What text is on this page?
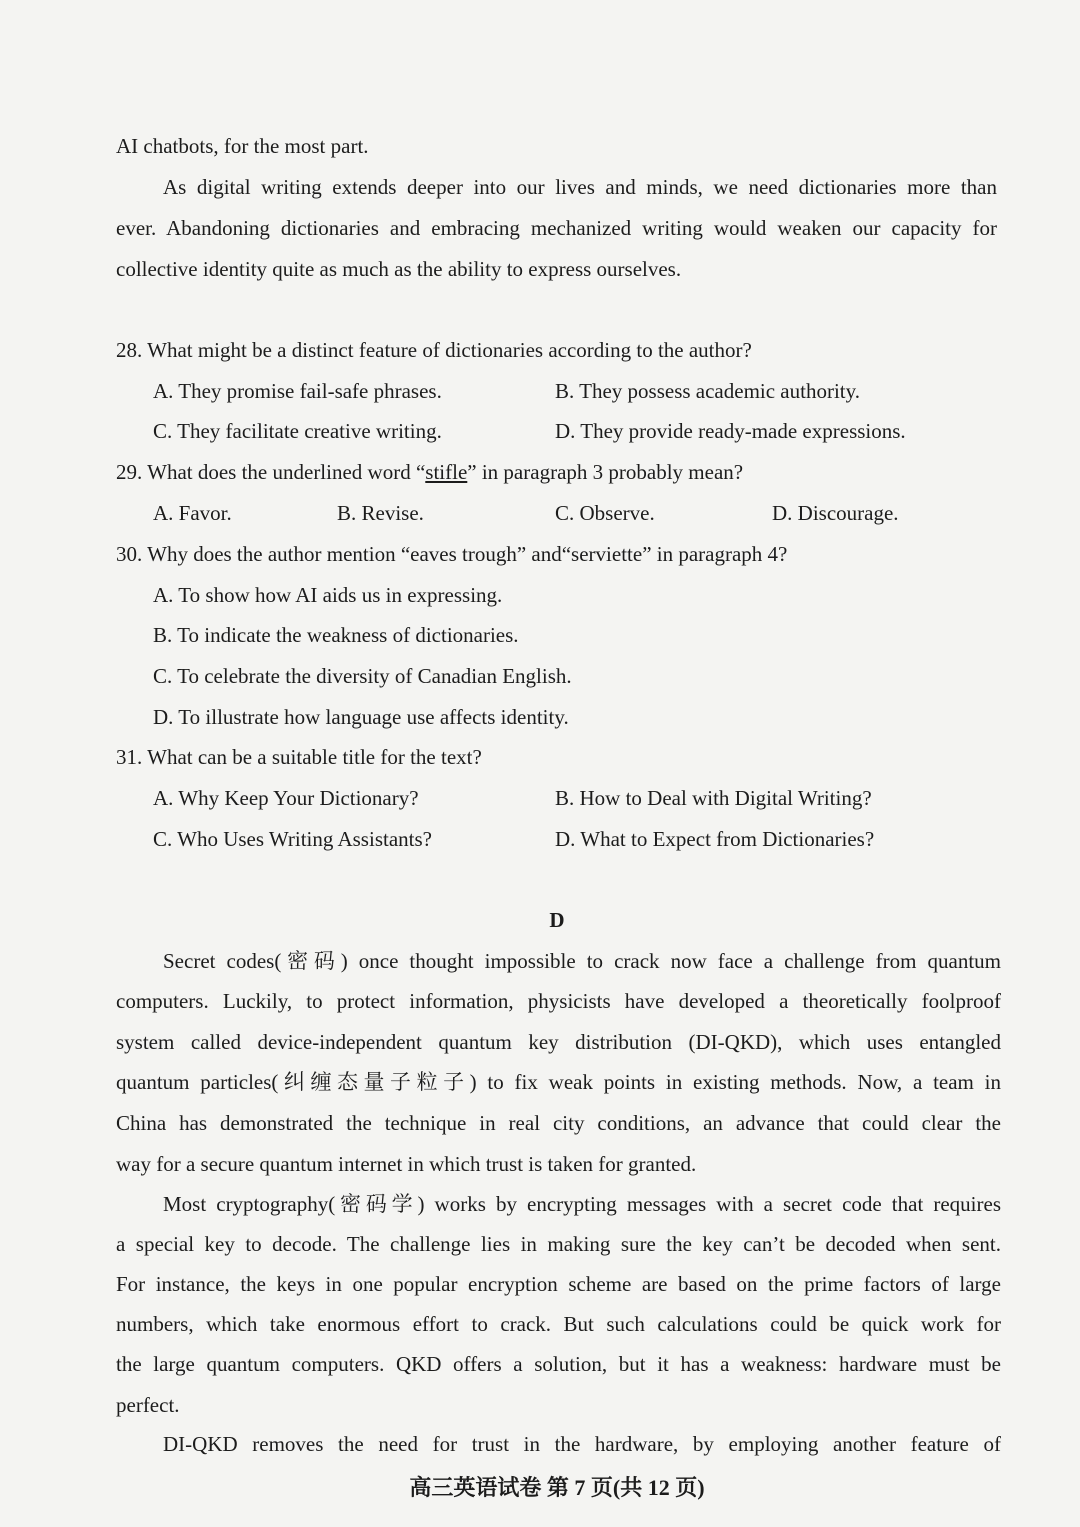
AI chatbots, for the most part.
As digital writing extends deeper into our lives and minds, we need dictionaries more than
ever. Abandoning dictionaries and embracing mechanized writing would weaken our capacity for
collective identity quite as much as the ability to express ourselves.
28. What might be a distinct feature of dictionaries according to the author?
A. They promise fail-safe phrases.	B. They possess academic authority.
C. They facilitate creative writing.	D. They provide ready-made expressions.
29. What does the underlined word “stifle” in paragraph 3 probably mean?
A. Favor.	B. Revise.	C. Observe.	D. Discourage.
30. Why does the author mention “eaves trough” and“serviette” in paragraph 4?
A. To show how AI aids us in expressing.
B. To indicate the weakness of dictionaries.
C. To celebrate the diversity of Canadian English.
D. To illustrate how language use affects identity.
31. What can be a suitable title for the text?
A. Why Keep Your Dictionary?	B. How to Deal with Digital Writing?
C. Who Uses Writing Assistants?	D. What to Expect from Dictionaries?
D
Secret codes(密码) once thought impossible to crack now face a challenge from quantum
computers. Luckily, to protect information, physicists have developed a theoretically foolproof
system called device-independent quantum key distribution (DI-QKD), which uses entangled
quantum particles(纠缠态量子粒子) to fix weak points in existing methods. Now, a team in
China has demonstrated the technique in real city conditions, an advance that could clear the
way for a secure quantum internet in which trust is taken for granted.
Most cryptography(密码学) works by encrypting messages with a secret code that requires
a special key to decode. The challenge lies in making sure the key can’t be decoded when sent.
For instance, the keys in one popular encryption scheme are based on the prime factors of large
numbers, which take enormous effort to crack. But such calculations could be quick work for
the large quantum computers. QKD offers a solution, but it has a weakness: hardware must be
perfect.
DI-QKD removes the need for trust in the hardware, by employing another feature of
高三英语试卷 第 7 页(共 12 页)
